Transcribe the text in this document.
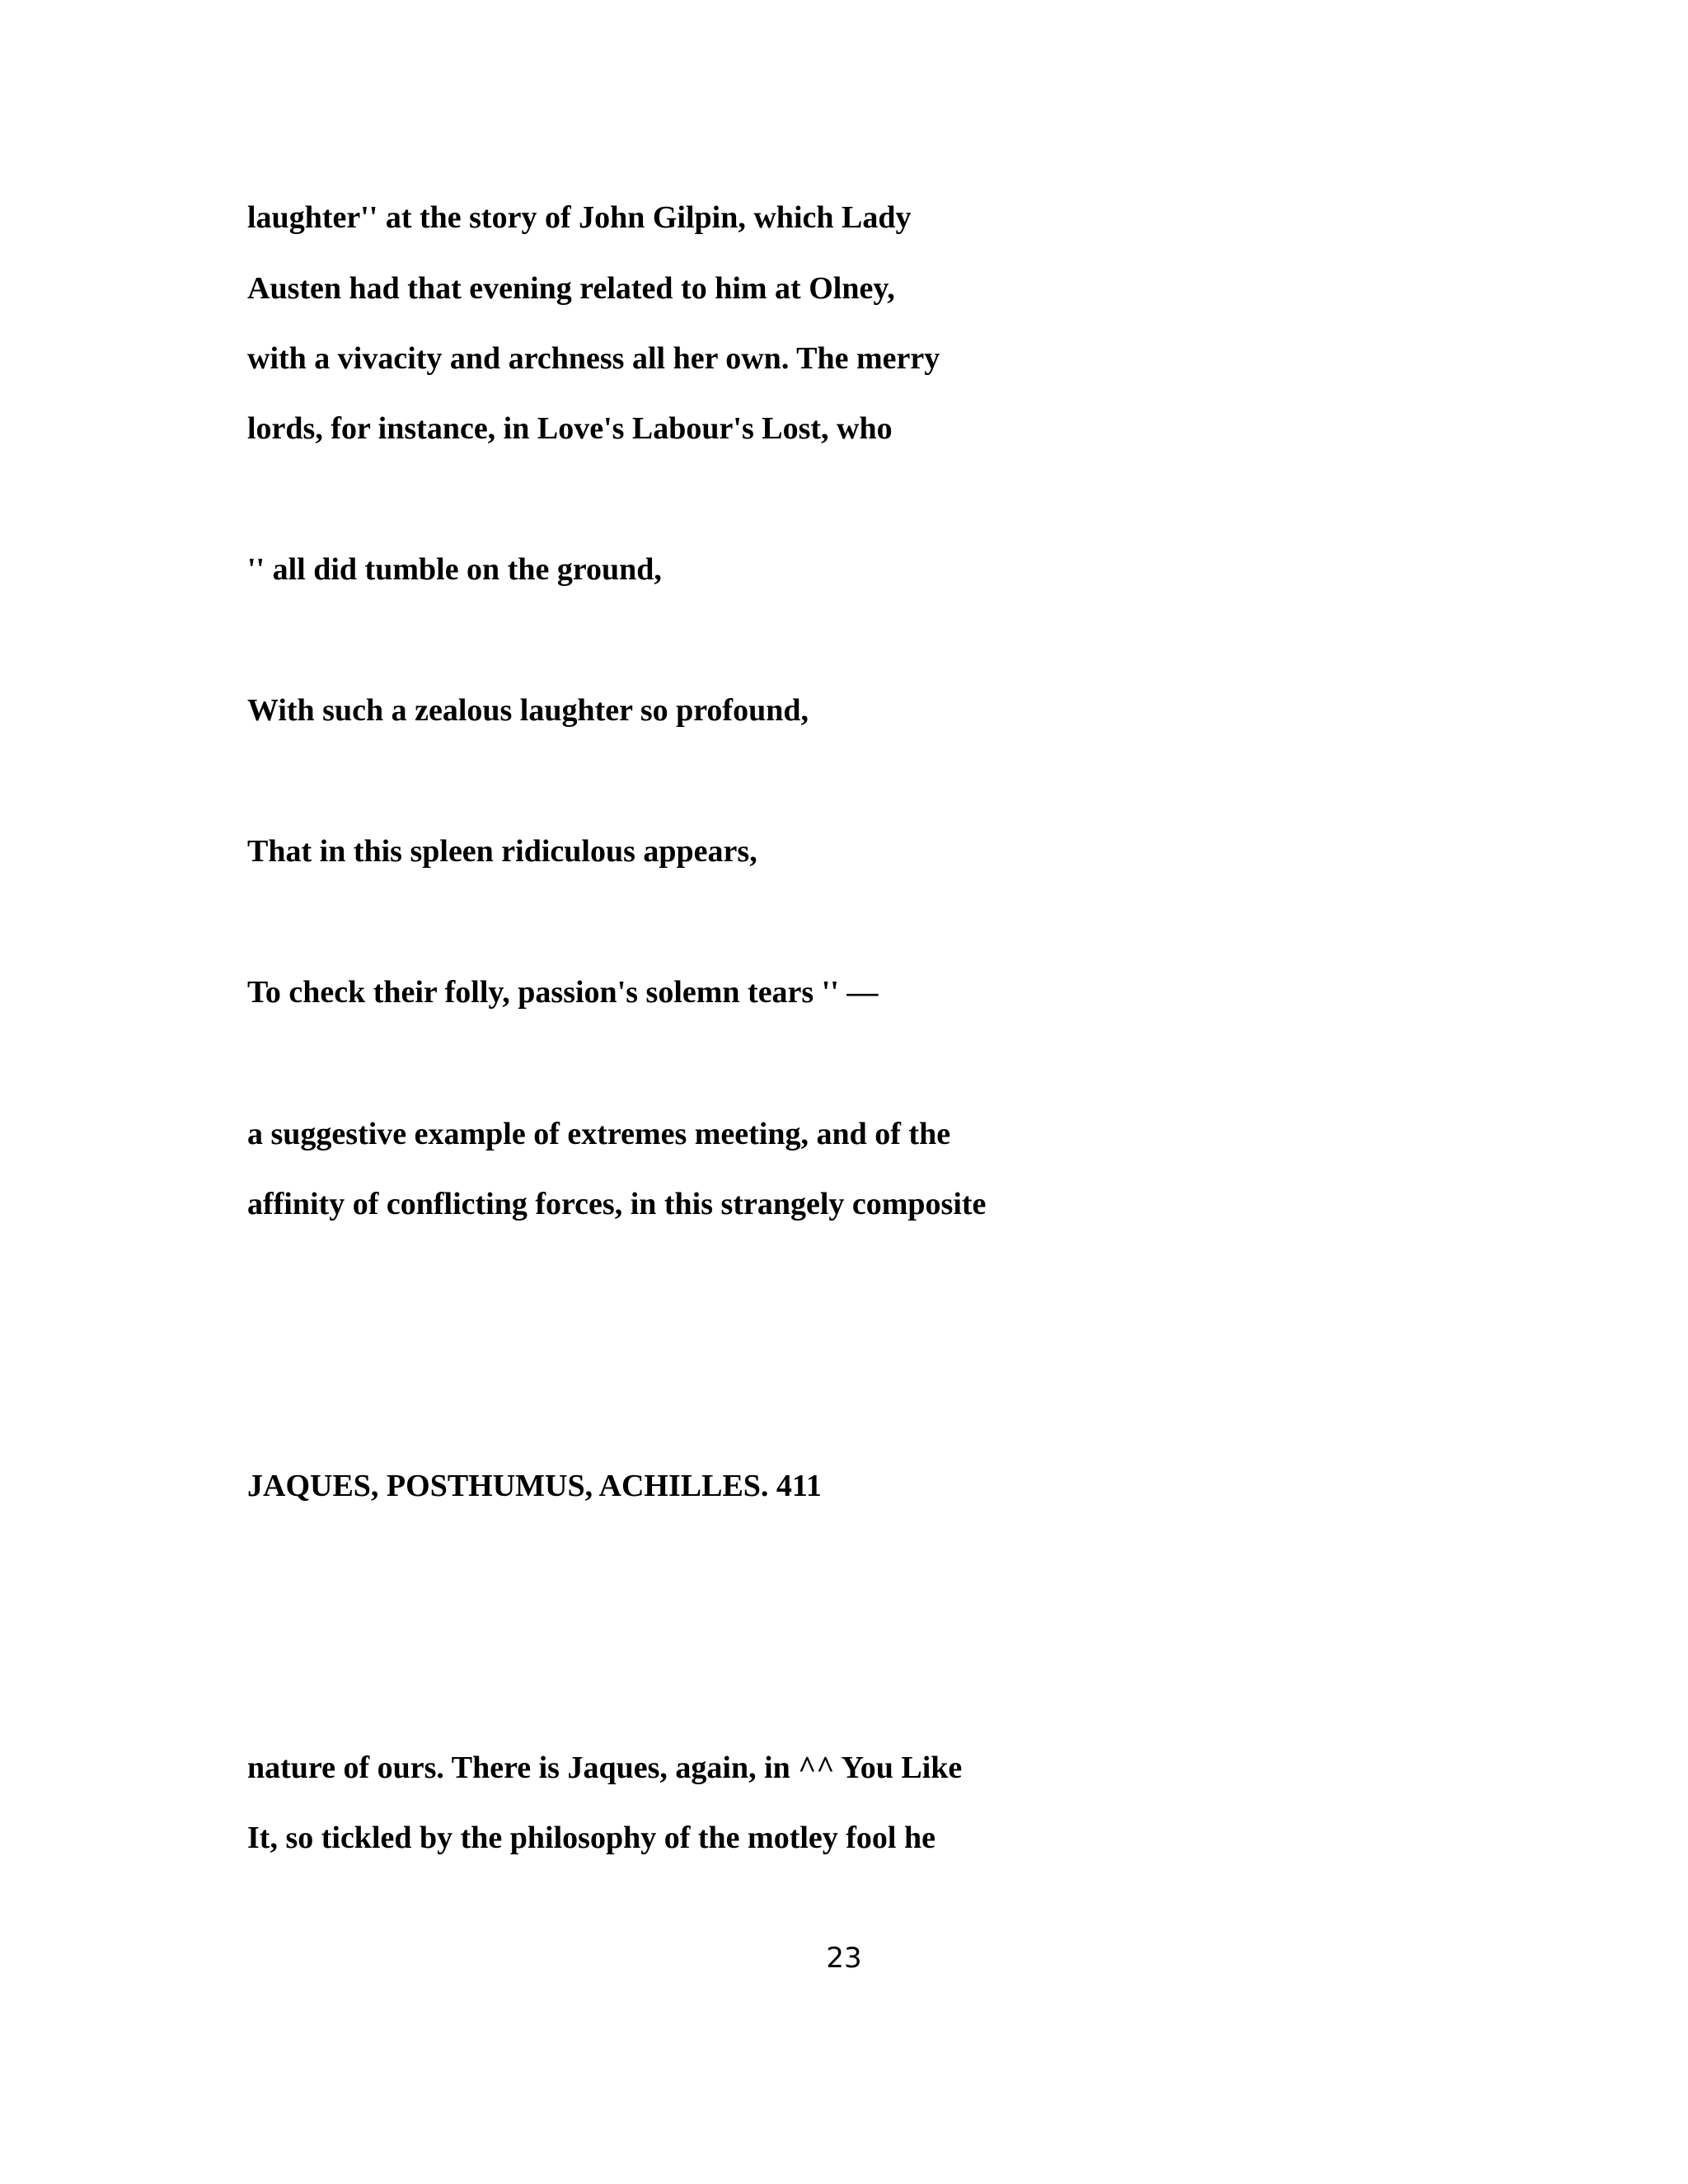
laughter'' at the story of John Gilpin, which Lady

Austen had that evening related to him at Olney,

with a vivacity and archness all her own. The merry

lords, for instance, in Love's Labour's Lost, who

'' all did tumble on the ground,

With such a zealous laughter so profound,

That in this spleen ridiculous appears,

To check their folly, passion's solemn tears '' —

a suggestive example of extremes meeting, and of the

affinity of conflicting forces, in this strangely composite

JAQUES, POSTHUMUS, ACHILLES. 411

nature of ours. There is Jaques, again, in ^^ You Like

It, so tickled by the philosophy of the motley fool he

23
